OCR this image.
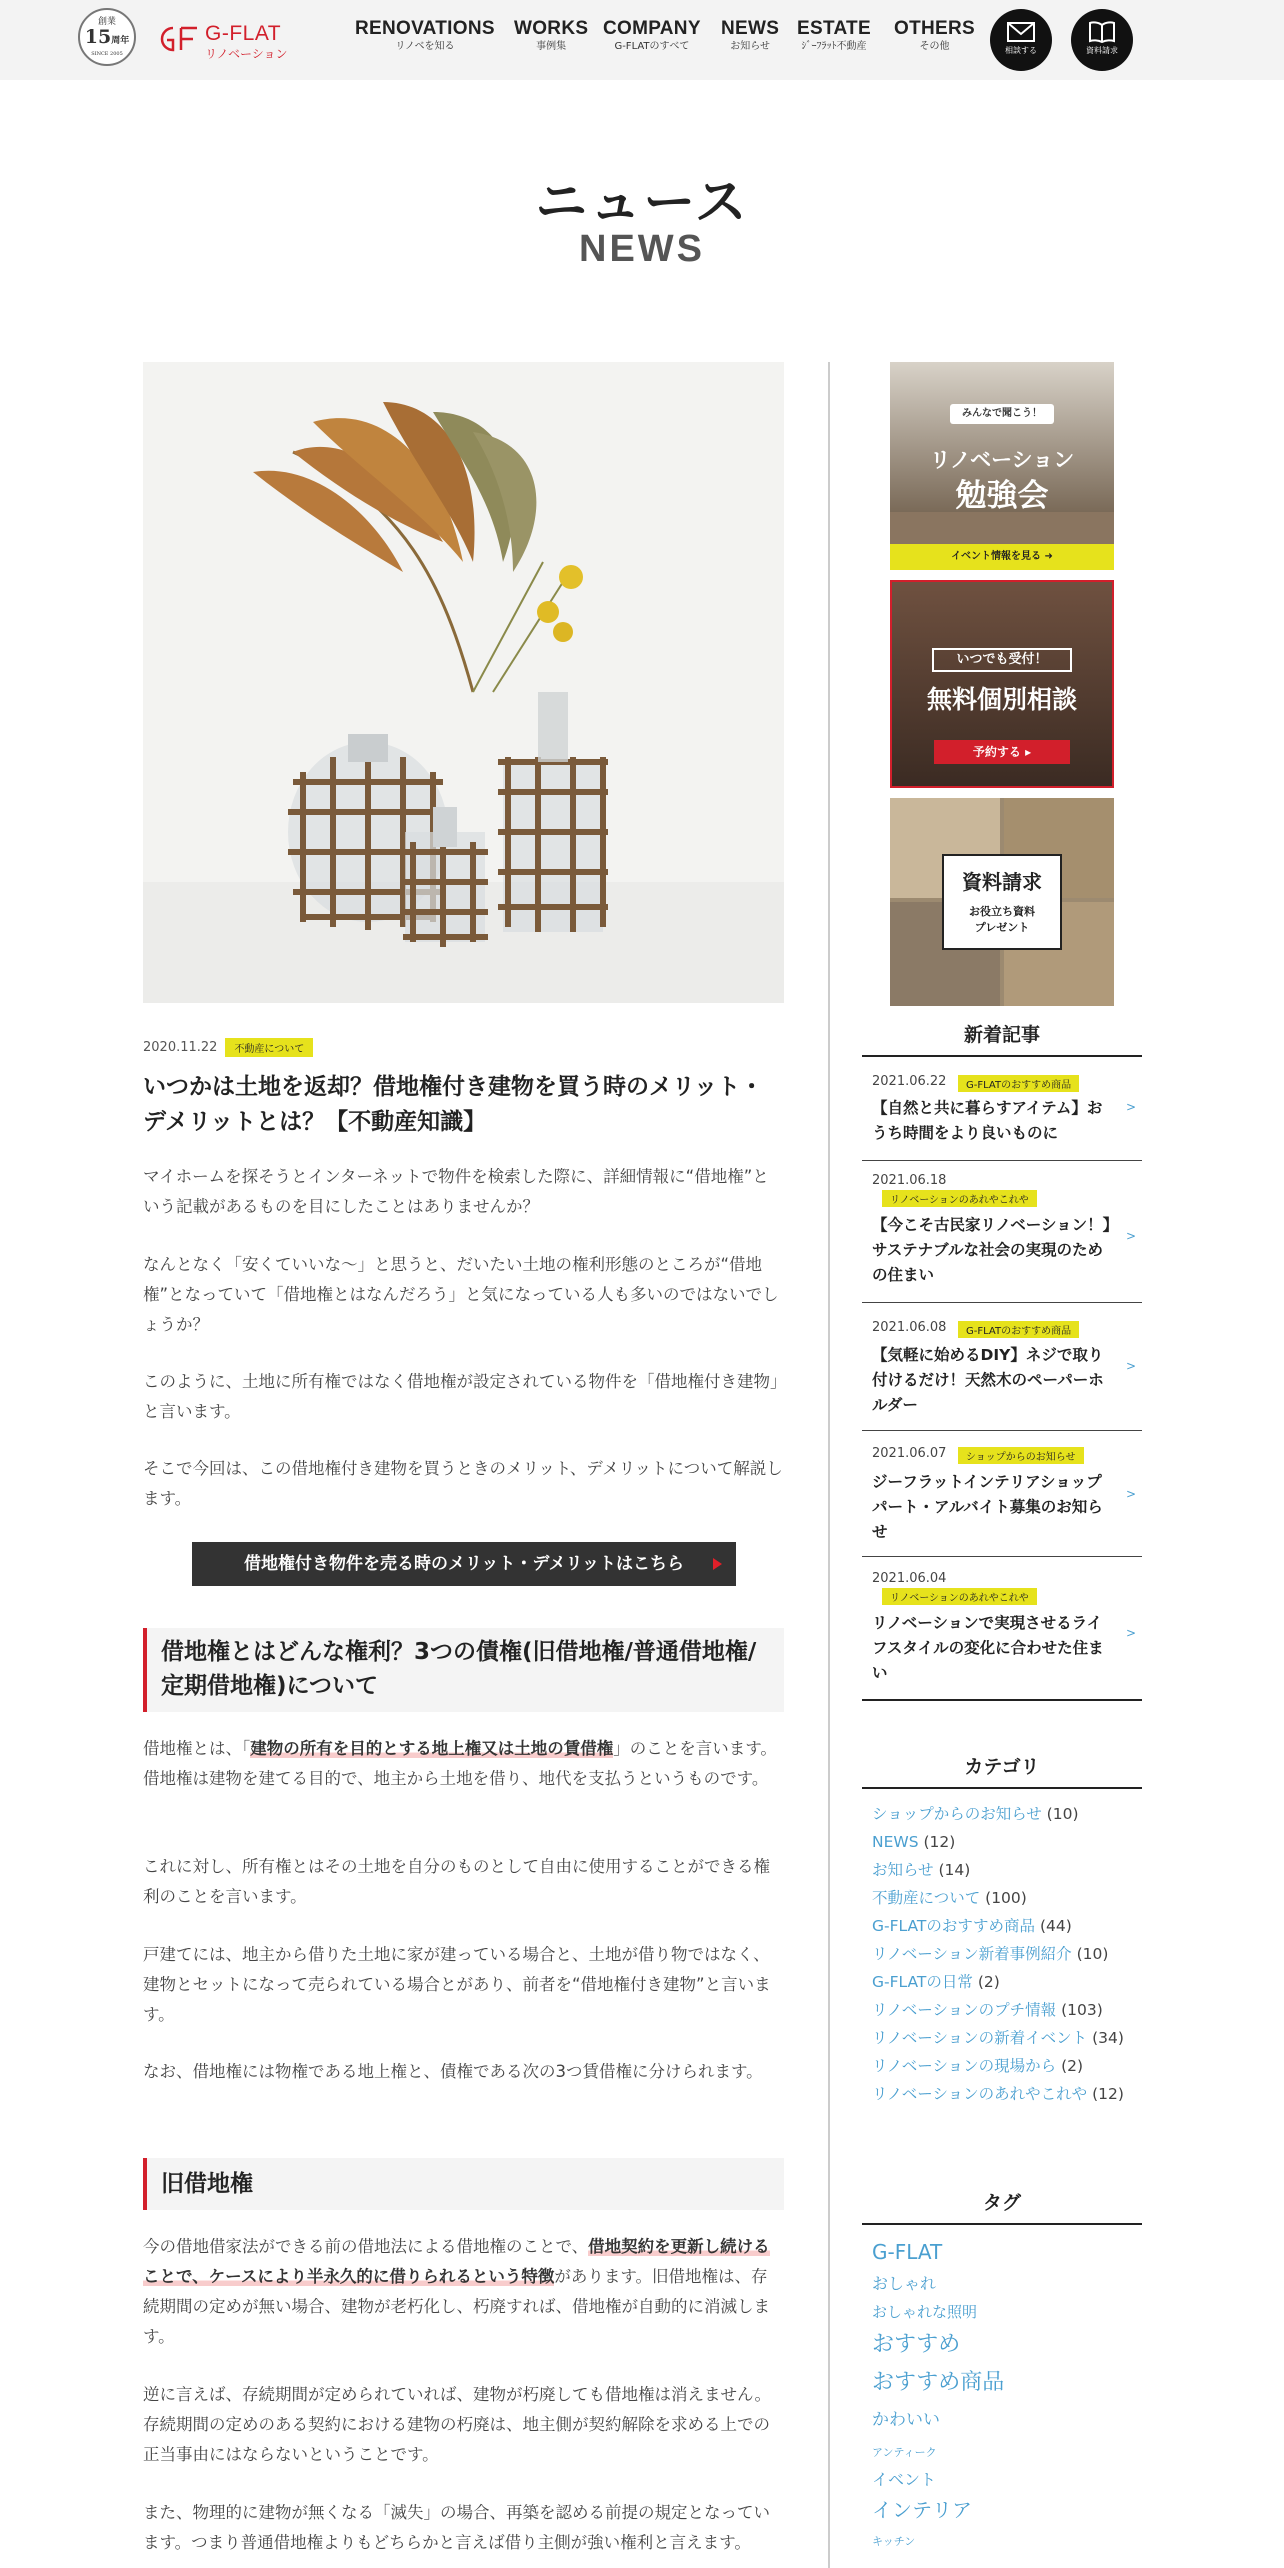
創業
15周年
SINCE 2005
G-FLAT
リノベーション
RENOVATIONS
リノベを知る
WORKS
事例集
COMPANY
G-FLATのすべて
NEWS
お知らせ
ESTATE
ｼﾞｰﾌﾗｯﾄ不動産
OTHERS
その他	相談する	資料請求
ニュース
NEWS
2020.11.22 不動産について
いつかは土地を返却？借地権付き建物を買う時のメリット・デメリットとは？【不動産知識】

マイホームを探そうとインターネットで物件を検索した際に、詳細情報に“借地権”という記載があるものを目にしたことはありませんか？

なんとなく「安くていいな〜」と思うと、だいたい土地の権利形態のところが“借地権”となっていて「借地権とはなんだろう」と気になっている人も多いのではないでしょうか？

このように、土地に所有権ではなく借地権が設定されている物件を「借地権付き建物」と言います。

そこで今回は、この借地権付き建物を買うときのメリット、デメリットについて解説します。

借地権付き物件を売る時のメリット・デメリットはこちら
借地権とはどんな権利？3つの債権(旧借地権/普通借地権/定期借地権)について

借地権とは、「建物の所有を目的とする地上権又は土地の賃借権」のことを言います。借地権は建物を建てる目的で、地主から土地を借り、地代を支払うというものです。

これに対し、所有権とはその土地を自分のものとして自由に使用することができる権利のことを言います。

戸建てには、地主から借りた土地に家が建っている場合と、土地が借り物ではなく、建物とセットになって売られている場合とがあり、前者を“借地権付き建物”と言います。

なお、借地権には物権である地上権と、債権である次の3つ賃借権に分けられます。

旧借地権

今の借地借家法ができる前の借地法による借地権のことで、借地契約を更新し続けることで、ケースにより半永久的に借りられるという特徴があります。旧借地権は、存続期間の定めが無い場合、建物が老朽化し、朽廃すれば、借地権が自動的に消滅します。

逆に言えば、存続期間が定められていれば、建物が朽廃しても借地権は消えません。存続期間の定めのある契約における建物の朽廃は、地主側が契約解除を求める上での正当事由にはならないということです。

また、物理的に建物が無くなる「滅失」の場合、再築を認める前提の規定となっています。つまり普通借地権よりもどちらかと言えば借り主側が強い権利と言えます。

みんなで聞こう！
リノベーション
勉強会
イベント情報を見る ➜
いつでも受付！
無料個別相談
予約する ▸
資料請求
お役立ち資料
プレゼント
新着記事
2021.06.22	G-FLATのおすすめ商品
【自然と共に暮らすアイテム】おうち時間をより良いものに
>
2021.06.18
リノベーションのあれやこれや
【今こそ古民家リノベーション！】サステナブルな社会の実現のための住まい
>
2021.06.08	G-FLATのおすすめ商品
【気軽に始めるDIY】ネジで取り付けるだけ！天然木のペーパーホルダー
>
2021.06.07	ショップからのお知らせ
ジーフラットインテリアショップ パート・アルバイト募集のお知らせ
>
2021.06.04
リノベーションのあれやこれや
リノベーションで実現させるライフスタイルの変化に合わせた住まい
>
カテゴリ
ショップからのお知らせ (10)
NEWS (12)
お知らせ (14)
不動産について (100)
G-FLATのおすすめ商品 (44)
リノベーション新着事例紹介 (10)
G-FLATの日常 (2)
リノベーションのプチ情報 (103)
リノベーションの新着イベント (34)
リノベーションの現場から (2)
リノベーションのあれやこれや (12)
タグ
G-FLAT
おしゃれ
おしゃれな照明
おすすめ
おすすめ商品
かわいい
アンティーク
イベント
インテリア
キッチン
